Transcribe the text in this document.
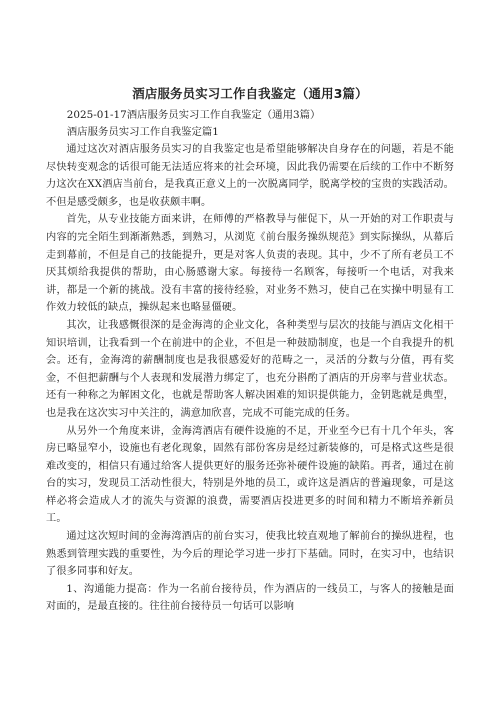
酒店服务员实习工作自我鉴定（通用3篇）
2025-01-17酒店服务员实习工作自我鉴定（通用3篇）
酒店服务员实习工作自我鉴定篇1

通过这次对酒店服务员实习的自我鉴定也是希望能够解决自身存在的问题，若是不能尽快转变观念的话很可能无法适应将来的社会环境，因此我仍需要在后续的工作中不断努力这次在XX酒店当前台，是我真正意义上的一次脱离同学，脱离学校的宝贵的实践活动。不但是感受颇多，也是收获颇丰啊。

首先，从专业技能方面来讲，在师傅的严格教导与催促下，从一开始的对工作职责与内容的完全陌生到渐渐熟悉，到熟习，从浏览《前台服务操纵规范》到实际操纵，从幕后走到幕前，不但是自己的技能提升，更是对客人负责的表现。其中，少不了所有老员工不厌其烦给我提供的帮助，由心肠感谢大家。每接待一名顾客，每接听一个电话，对我来讲，都是一个新的挑战。没有丰富的接待经验，对业务不熟习，使自己在实操中明显有工作效力较低的缺点，操纵起来也略显僵硬。

其次，让我感慨很深的是金海湾的企业文化，各种类型与层次的技能与酒店文化相干知识培训，让我看到一个在前进中的企业，不但是一种鼓励制度，也是一个自我提升的机会。还有，金海湾的薪酬制度也是我很感爱好的范畴之一，灵活的分数与分值，再有奖金，不但把薪酬与个人表现和发展潜力绑定了，也充分斟酌了酒店的开房率与营业状态。还有一种称之为解困文化，也就是帮助客人解决困难的知识提供能力，金钥匙就是典型，也是我在这次实习中关注的，满意加欣喜，完成不可能完成的任务。

从另外一个角度来讲，金海湾酒店有硬件设施的不足，开业至今已有十几个年头，客房已略显窄小，设施也有老化现象，固然有部份客房是经过新装修的，可是格式这些是很难改变的，相信只有通过给客人提供更好的服务还弥补硬件设施的缺陷。再者，通过在前台的实习，发现员工活动性很大，特别是外地的员工，或许这是酒店的普遍现象，可是这样必将会造成人才的流失与资源的浪费，需要酒店投进更多的时间和精力不断培养新员工。

通过这次短时间的金海湾酒店的前台实习，使我比较直观地了解前台的操纵进程，也熟悉到管理实践的重要性，为今后的理论学习进一步打下基础。同时，在实习中，也结识了很多同事和好友。

1、沟通能力提高：作为一名前台接待员，作为酒店的一线员工，与客人的接触是面对面的，是最直接的。往往前台接待员一句话可以影响
